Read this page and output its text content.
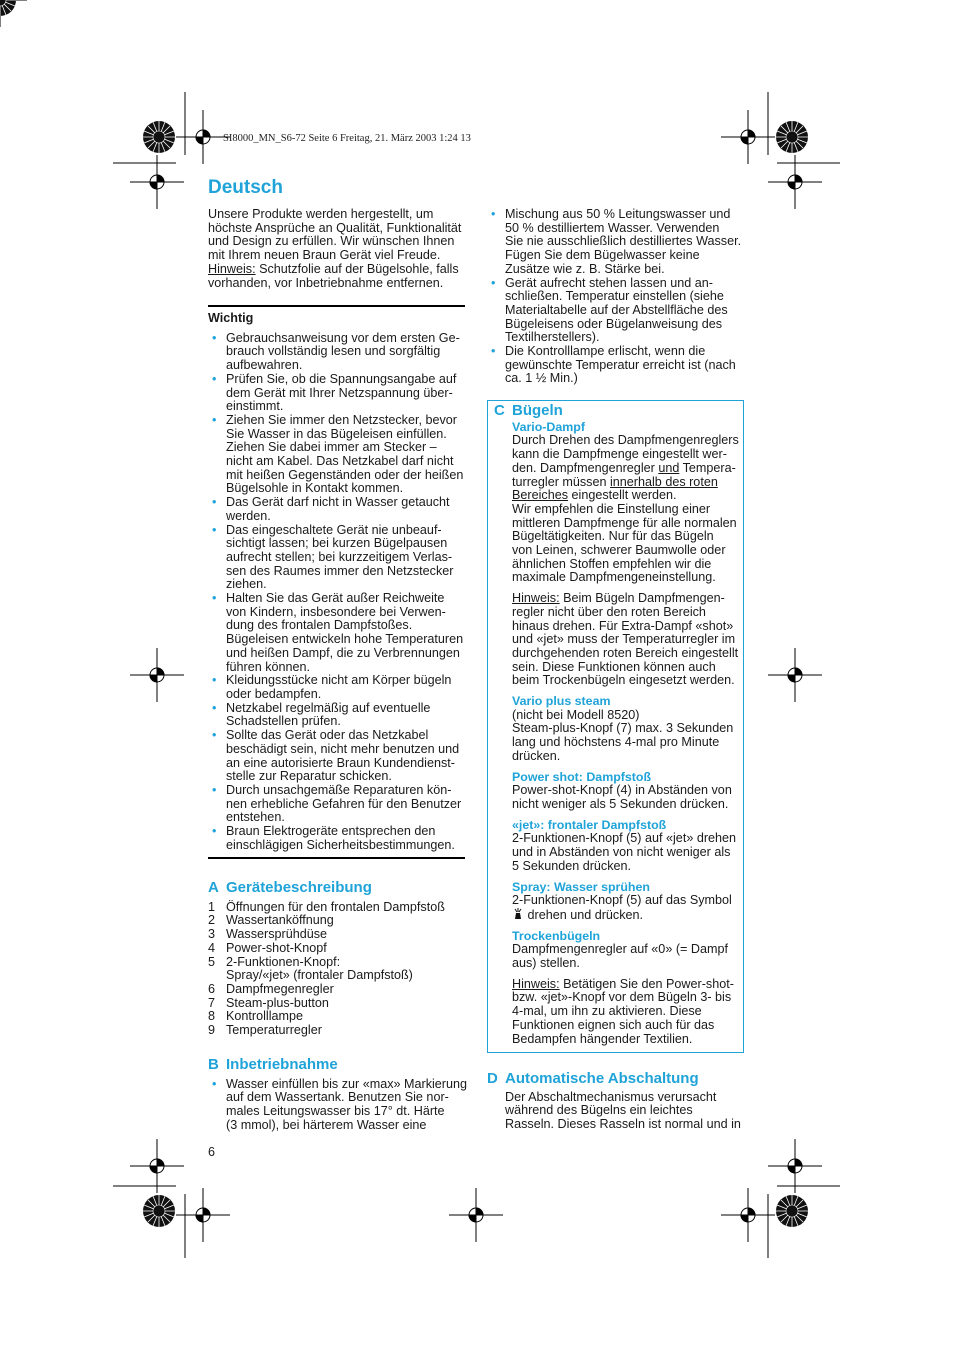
SI8000_MN_S6-72 Seite 6 Freitag, 21. März 2003 1:24 13
Deutsch

Unsere Produkte werden hergestellt, um

höchste Ansprüche an Qualität, Funktionalität

und Design zu erfüllen. Wir wünschen Ihnen

mit Ihrem neuen Braun Gerät viel Freude.

Hinweis: Schutzfolie auf der Bügelsohle, falls

vorhanden, vor Inbetriebnahme entfernen.

Wichtig

• Gebrauchsanweisung vor dem ersten Ge-

brauch vollständig lesen und sorgfältig

aufbewahren.

• Prüfen Sie, ob die Spannungsangabe auf

dem Gerät mit Ihrer Netzspannung über-

einstimmt.

• Ziehen Sie immer den Netzstecker, bevor

Sie Wasser in das Bügeleisen einfüllen.

Ziehen Sie dabei immer am Stecker –

nicht am Kabel. Das Netzkabel darf nicht

mit heißen Gegenständen oder der heißen

Bügelsohle in Kontakt kommen.

• Das Gerät darf nicht in Wasser getaucht

werden.

• Das eingeschaltete Gerät nie unbeauf-

sichtigt lassen; bei kurzen Bügelpausen

aufrecht stellen; bei kurzzeitigem Verlas-

sen des Raumes immer den Netzstecker

ziehen.

• Halten Sie das Gerät außer Reichweite

von Kindern, insbesondere bei Verwen-

dung des frontalen Dampfstoßes.

Bügeleisen entwickeln hohe Temperaturen

und heißen Dampf, die zu Verbrennungen

führen können.

• Kleidungsstücke nicht am Körper bügeln

oder bedampfen.

• Netzkabel regelmäßig auf eventuelle

Schadstellen prüfen.

• Sollte das Gerät oder das Netzkabel

beschädigt sein, nicht mehr benutzen und

an eine autorisierte Braun Kundendienst-

stelle zur Reparatur schicken.

• Durch unsachgemäße Reparaturen kön-

nen erhebliche Gefahren für den Benutzer

entstehen.

• Braun Elektrogeräte entsprechen den

einschlägigen Sicherheitsbestimmungen.

A Gerätebeschreibung

1 Öffnungen für den frontalen Dampfstoß

2 Wassertanköffnung

3 Wassersprühdüse

4 Power-shot-Knopf

5 2-Funktionen-Knopf:

Spray/«jet» (frontaler Dampfstoß)

6 Dampfmegenregler

7 Steam-plus-button

8 Kontrolllampe

9 Temperaturregler

B Inbetriebnahme

• Wasser einfüllen bis zur «max» Markierung

auf dem Wassertank. Benutzen Sie nor-

males Leitungswasser bis 17° dt. Härte

(3 mmol), bei härterem Wasser eine

6

• Mischung aus 50 % Leitungswasser und

50 % destilliertem Wasser. Verwenden

Sie nie ausschließlich destilliertes Wasser.

Fügen Sie dem Bügelwasser keine

Zusätze wie z. B. Stärke bei.

• Gerät aufrecht stehen lassen und an-

schließen. Temperatur einstellen (siehe

Materialtabelle auf der Abstellfläche des

Bügeleisens oder Bügelanweisung des

Textilherstellers).

• Die Kontrolllampe erlischt, wenn die

gewünschte Temperatur erreicht ist (nach

ca. 1 ½ Min.)

C Bügeln

Vario-Dampf

Durch Drehen des Dampfmengenreglers

kann die Dampfmenge eingestellt wer-

den. Dampfmengenregler und Tempera-

turregler müssen innerhalb des roten

Bereiches eingestellt werden.

Wir empfehlen die Einstellung einer

mittleren Dampfmenge für alle normalen

Bügeltätigkeiten. Nur für das Bügeln

von Leinen, schwerer Baumwolle oder

ähnlichen Stoffen empfehlen wir die

maximale Dampfmengeneinstellung.

Hinweis: Beim Bügeln Dampfmengen-

regler nicht über den roten Bereich

hinaus drehen. Für Extra-Dampf «shot»

und «jet» muss der Temperaturregler im

durchgehenden roten Bereich eingestellt

sein. Diese Funktionen können auch

beim Trockenbügeln eingesetzt werden.

Vario plus steam

(nicht bei Modell 8520)

Steam-plus-Knopf (7) max. 3 Sekunden

lang und höchstens 4-mal pro Minute

drücken.

Power shot: Dampfstoß

Power-shot-Knopf (4) in Abständen von

nicht weniger als 5 Sekunden drücken.

«jet»: frontaler Dampfstoß

2-Funktionen-Knopf (5) auf «jet» drehen

und in Abständen von nicht weniger als

5 Sekunden drücken.

Spray: Wasser sprühen

2-Funktionen-Knopf (5) auf das Symbol

drehen und drücken.

Trockenbügeln

Dampfmengenregler auf «0» (= Dampf

aus) stellen.

Hinweis: Betätigen Sie den Power-shot-

bzw. «jet»-Knopf vor dem Bügeln 3- bis

4-mal, um ihn zu aktivieren. Diese

Funktionen eignen sich auch für das

Bedampfen hängender Textilien.

D Automatische Abschaltung

Der Abschaltmechanismus verursacht

während des Bügelns ein leichtes

Rasseln. Dieses Rasseln ist normal und in
